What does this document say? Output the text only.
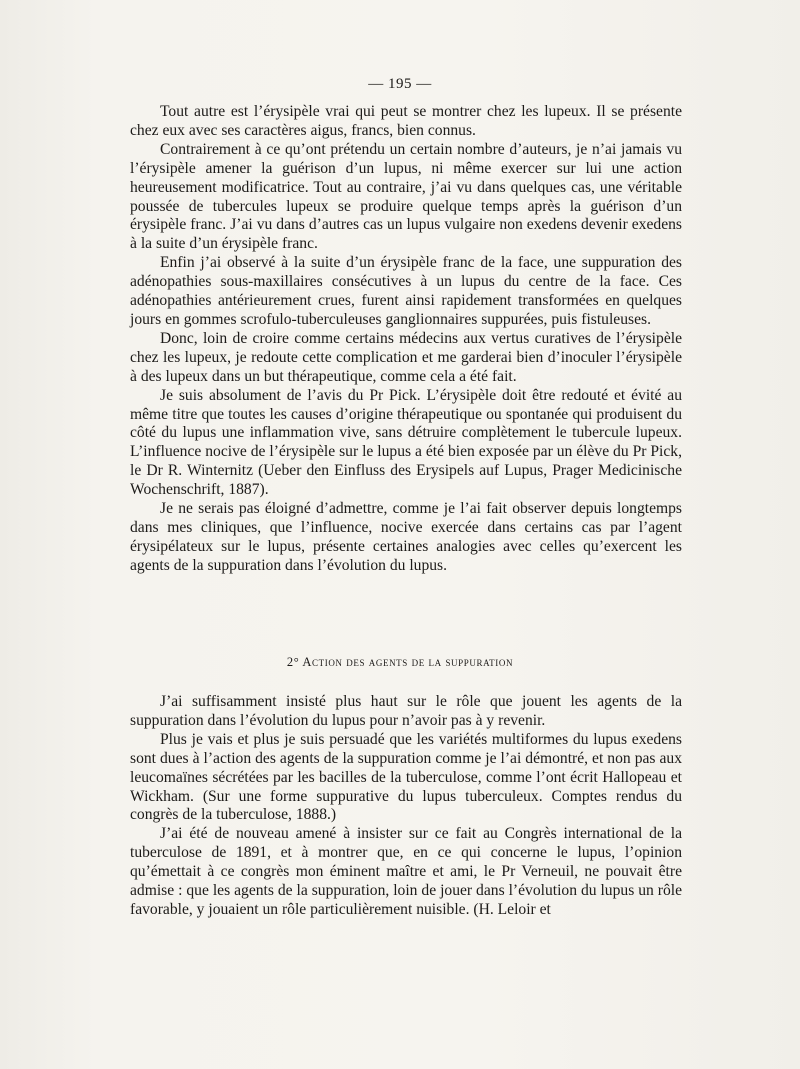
— 195 —

Tout autre est l’érysipèle vrai qui peut se montrer chez les lupeux. Il se présente chez eux avec ses caractères aigus, francs, bien connus.

Contrairement à ce qu’ont prétendu un certain nombre d’auteurs, je n’ai jamais vu l’érysipèle amener la guérison d’un lupus, ni même exercer sur lui une action heureusement modificatrice. Tout au contraire, j’ai vu dans quelques cas, une véritable poussée de tubercules lupeux se produire quelque temps après la guérison d’un érysipèle franc. J’ai vu dans d’autres cas un lupus vulgaire non exedens devenir exedens à la suite d’un érysipèle franc.

Enfin j’ai observé à la suite d’un érysipèle franc de la face, une suppuration des adénopathies sous-maxillaires consécutives à un lupus du centre de la face. Ces adénopathies antérieurement crues, furent ainsi rapidement transformées en quelques jours en gommes scrofulo-tuberculeuses ganglionnaires suppurées, puis fistuleuses.

Donc, loin de croire comme certains médecins aux vertus curatives de l’érysipèle chez les lupeux, je redoute cette complication et me garderai bien d’inoculer l’érysipèle à des lupeux dans un but thérapeutique, comme cela a été fait.

Je suis absolument de l’avis du Pr Pick. L’érysipèle doit être redouté et évité au même titre que toutes les causes d’origine thérapeutique ou spontanée qui produisent du côté du lupus une inflammation vive, sans détruire complètement le tubercule lupeux. L’influence nocive de l’érysipèle sur le lupus a été bien exposée par un élève du Pr Pick, le Dr R. Winternitz (Ueber den Einfluss des Erysipels auf Lupus, Prager Medicinische Wochenschrift, 1887).

Je ne serais pas éloigné d’admettre, comme je l’ai fait observer depuis longtemps dans mes cliniques, que l’influence, nocive exercée dans certains cas par l’agent érysipélateux sur le lupus, présente certaines analogies avec celles qu’exercent les agents de la suppuration dans l’évolution du lupus.

2° Action des agents de la suppuration

J’ai suffisamment insisté plus haut sur le rôle que jouent les agents de la suppuration dans l’évolution du lupus pour n’avoir pas à y revenir.

Plus je vais et plus je suis persuadé que les variétés multiformes du lupus exedens sont dues à l’action des agents de la suppuration comme je l’ai démontré, et non pas aux leucomaïnes sécrétées par les bacilles de la tuberculose, comme l’ont écrit Hallopeau et Wickham. (Sur une forme suppurative du lupus tuberculeux. Comptes rendus du congrès de la tuberculose, 1888.)

J’ai été de nouveau amené à insister sur ce fait au Congrès international de la tuberculose de 1891, et à montrer que, en ce qui concerne le lupus, l’opinion qu’émettait à ce congrès mon éminent maître et ami, le Pr Verneuil, ne pouvait être admise : que les agents de la suppuration, loin de jouer dans l’évolution du lupus un rôle favorable, y jouaient un rôle particulièrement nuisible. (H. Leloir et
